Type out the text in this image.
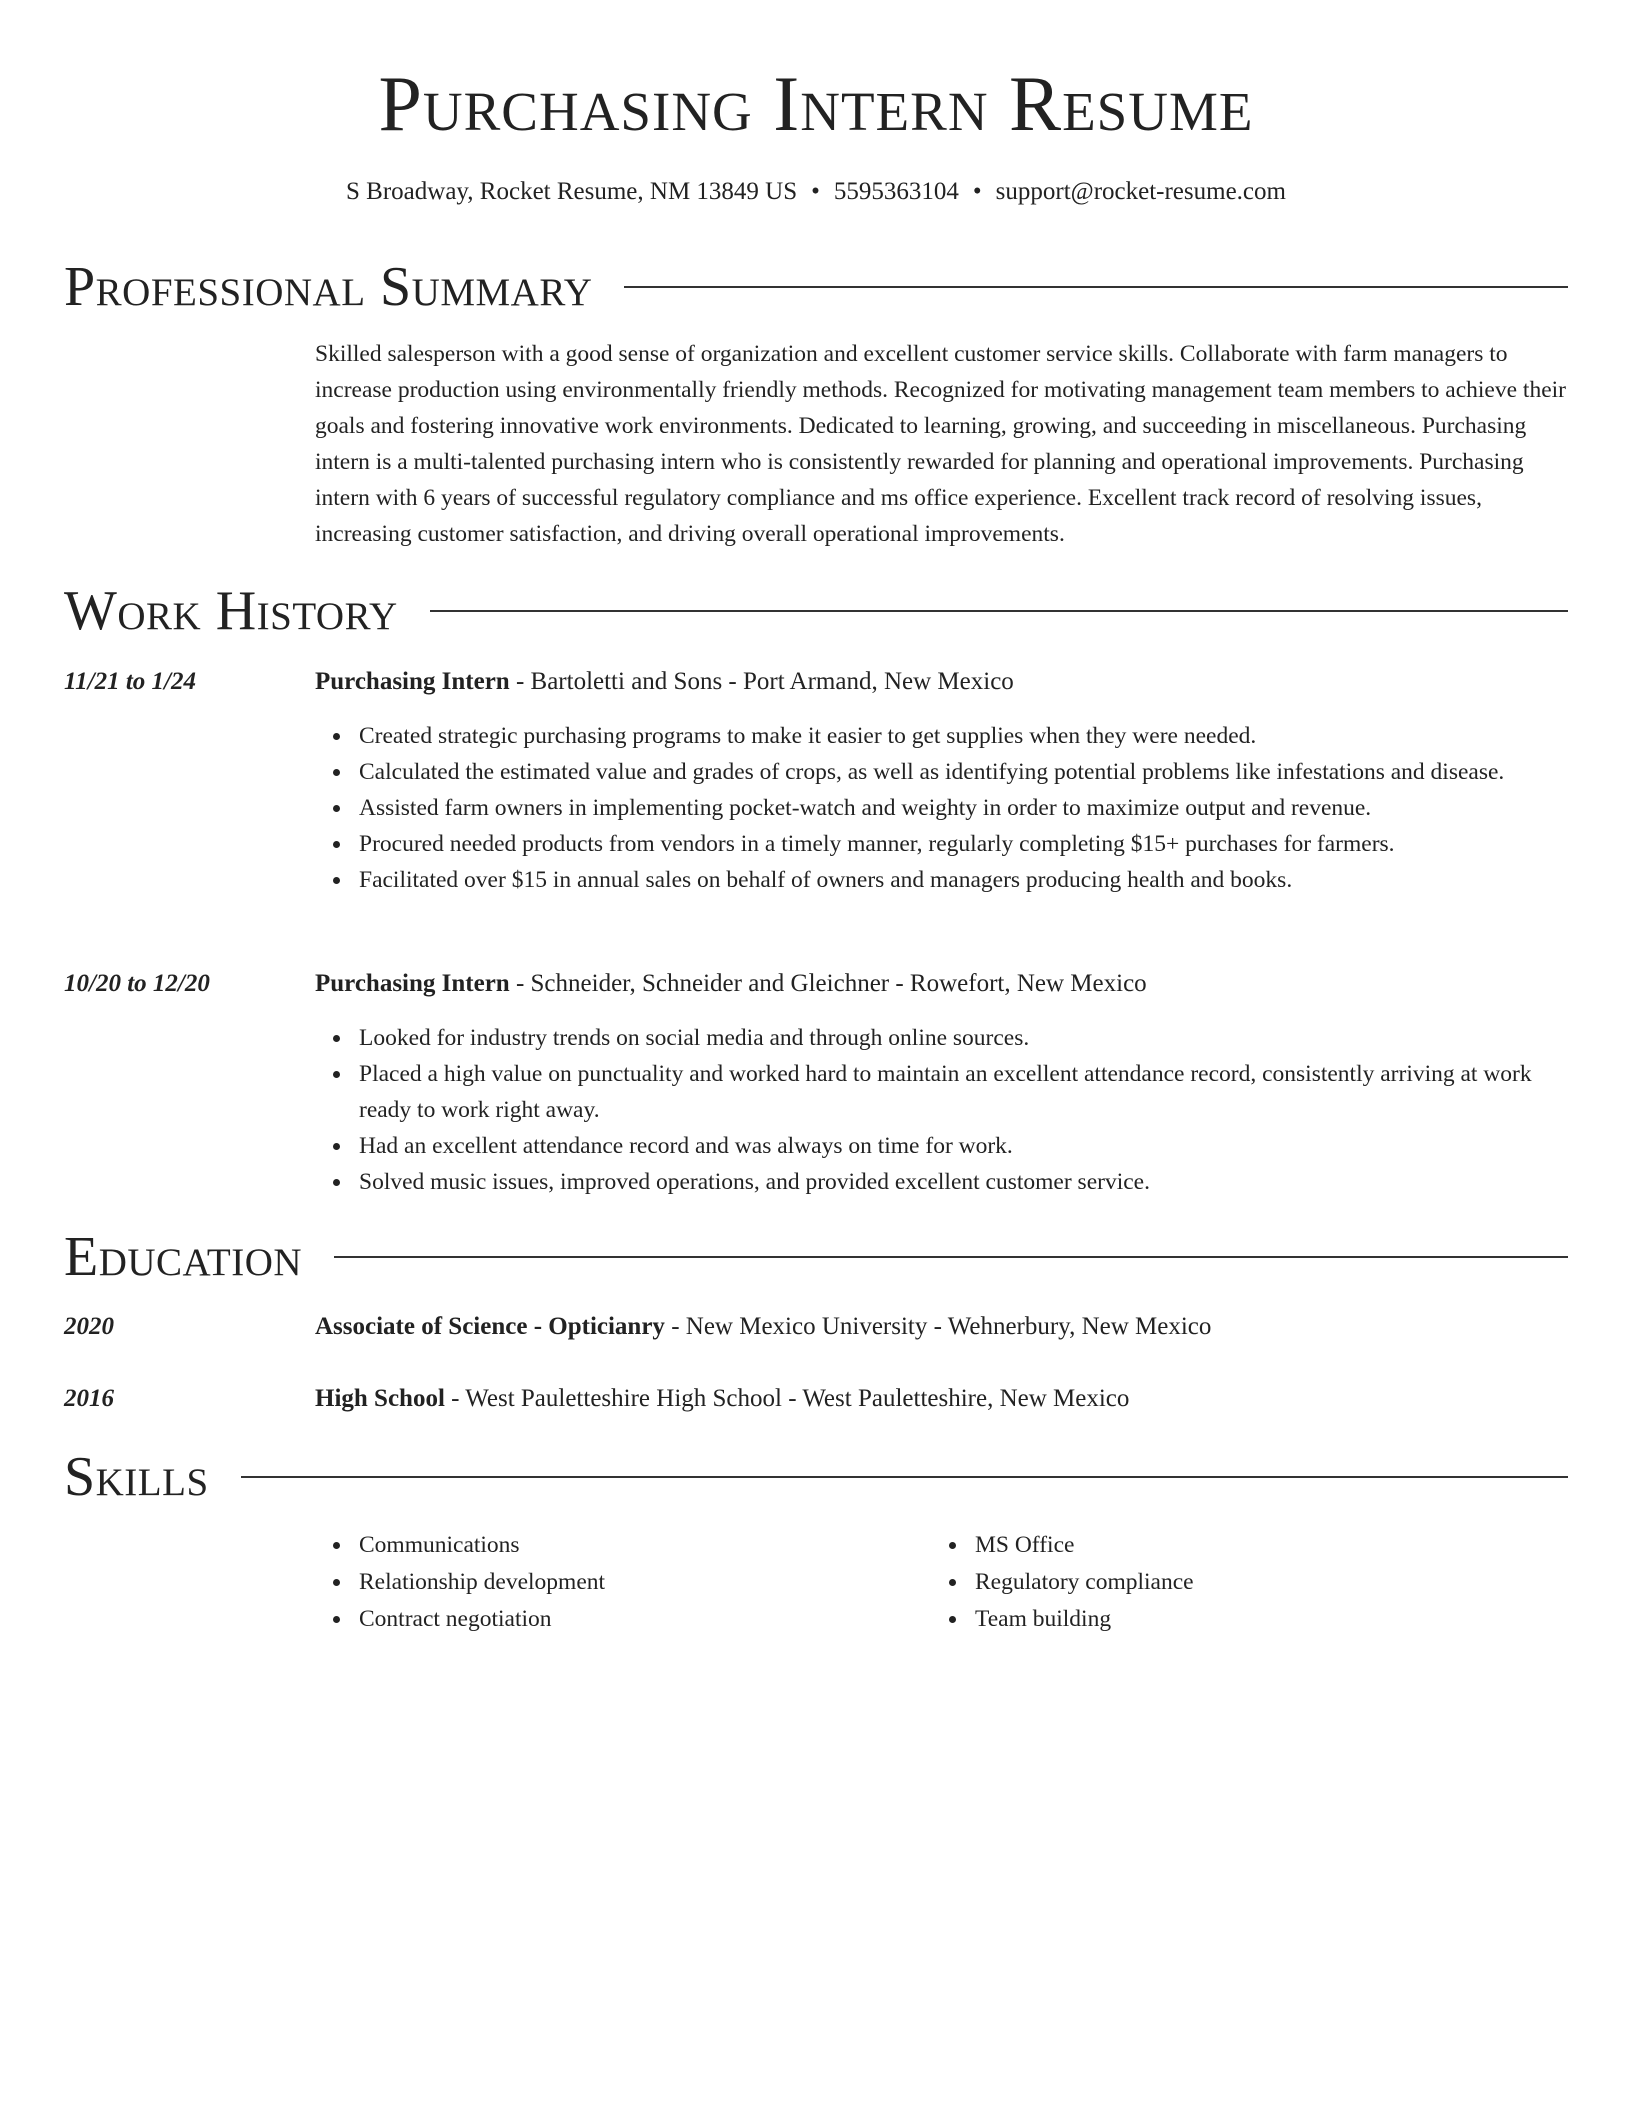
Purchasing Intern Resume
S Broadway, Rocket Resume, NM 13849 US • 5595363104 • support@rocket-resume.com
Professional Summary
Skilled salesperson with a good sense of organization and excellent customer service skills. Collaborate with farm managers to increase production using environmentally friendly methods. Recognized for motivating management team members to achieve their goals and fostering innovative work environments. Dedicated to learning, growing, and succeeding in miscellaneous. Purchasing intern is a multi-talented purchasing intern who is consistently rewarded for planning and operational improvements. Purchasing intern with 6 years of successful regulatory compliance and ms office experience. Excellent track record of resolving issues, increasing customer satisfaction, and driving overall operational improvements.
Work History
11/21 to 1/24	Purchasing Intern - Bartoletti and Sons - Port Armand, New Mexico
Created strategic purchasing programs to make it easier to get supplies when they were needed.
Calculated the estimated value and grades of crops, as well as identifying potential problems like infestations and disease.
Assisted farm owners in implementing pocket-watch and weighty in order to maximize output and revenue.
Procured needed products from vendors in a timely manner, regularly completing $15+ purchases for farmers.
Facilitated over $15 in annual sales on behalf of owners and managers producing health and books.
10/20 to 12/20	Purchasing Intern - Schneider, Schneider and Gleichner - Rowefort, New Mexico
Looked for industry trends on social media and through online sources.
Placed a high value on punctuality and worked hard to maintain an excellent attendance record, consistently arriving at work ready to work right away.
Had an excellent attendance record and was always on time for work.
Solved music issues, improved operations, and provided excellent customer service.
Education
2020	Associate of Science - Opticianry - New Mexico University - Wehnerbury, New Mexico
2016	High School - West Pauletteshire High School - West Pauletteshire, New Mexico
Skills
Communications
Relationship development
Contract negotiation
MS Office
Regulatory compliance
Team building
